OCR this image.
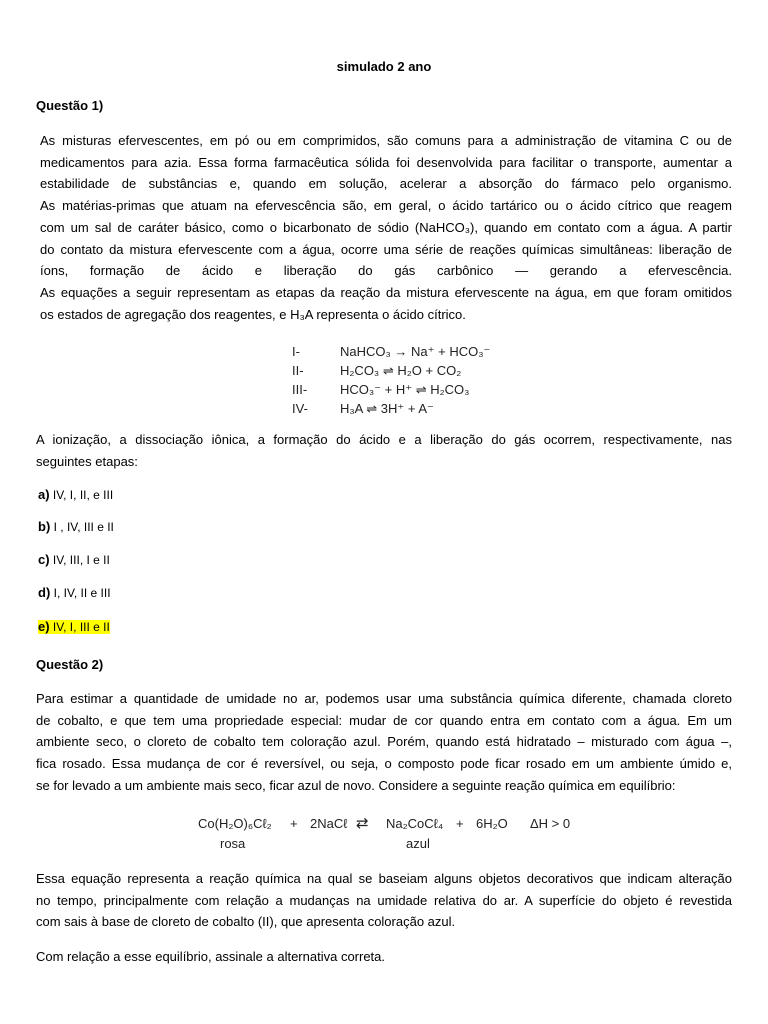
simulado 2 ano
Questão 1)
As misturas efervescentes, em pó ou em comprimidos, são comuns para a administração de vitamina C ou de
medicamentos para azia. Essa forma farmacêutica sólida foi desenvolvida para facilitar o transporte, aumentar a
estabilidade de substâncias e, quando em solução, acelerar a absorção do fármaco pelo organismo.
As matérias-primas que atuam na efervescência são, em geral, o ácido tartárico ou o ácido cítrico que reagem
com um sal de caráter básico, como o bicarbonato de sódio (NaHCO₃), quando em contato com a água. A partir
do contato da mistura efervescente com a água, ocorre uma série de reações químicas simultâneas: liberação de
íons, formação de ácido e liberação do gás carbônico — gerando a efervescência.
As equações a seguir representam as etapas da reação da mistura efervescente na água, em que foram omitidos
os estados de agregação dos reagentes, e H₃A representa o ácido cítrico.
I-	NaHCO₃ → Na⁺ + HCO₃⁻
II-	H₂CO₃ ⇌ H₂O + CO₂
III-	HCO₃⁻ + H⁺ ⇌ H₂CO₃
IV- H₃A ⇌ 3H⁺ + A⁻
A ionização, a dissociação iônica, a formação do ácido e a liberação do gás ocorrem, respectivamente, nas
seguintes etapas:
a) IV, I, II, e III
b) I , IV, III e II
c) IV, III, I e II
d) I, IV, II e III
e) IV, I, III e II
Questão 2)
Para estimar a quantidade de umidade no ar, podemos usar uma substância química diferente, chamada cloreto
de cobalto, e que tem uma propriedade especial: mudar de cor quando entra em contato com a água. Em um
ambiente seco, o cloreto de cobalto tem coloração azul. Porém, quando está hidratado – misturado com água –,
fica rosado. Essa mudança de cor é reversível, ou seja, o composto pode ficar rosado em um ambiente úmido e,
se for levado a um ambiente mais seco, ficar azul de novo. Considere a seguinte reação química em equilíbrio:
Co(H₂O)₆Cℓ₂ + 2NaCℓ ⇄ Na₂CoCℓ₄ + 6H₂O ΔH > 0
rosa	azul
Essa equação representa a reação química na qual se baseiam alguns objetos decorativos que indicam alteração
no tempo, principalmente com relação a mudanças na umidade relativa do ar. A superfície do objeto é revestida
com sais à base de cloreto de cobalto (II), que apresenta coloração azul.
Com relação a esse equilíbrio, assinale a alternativa correta.
